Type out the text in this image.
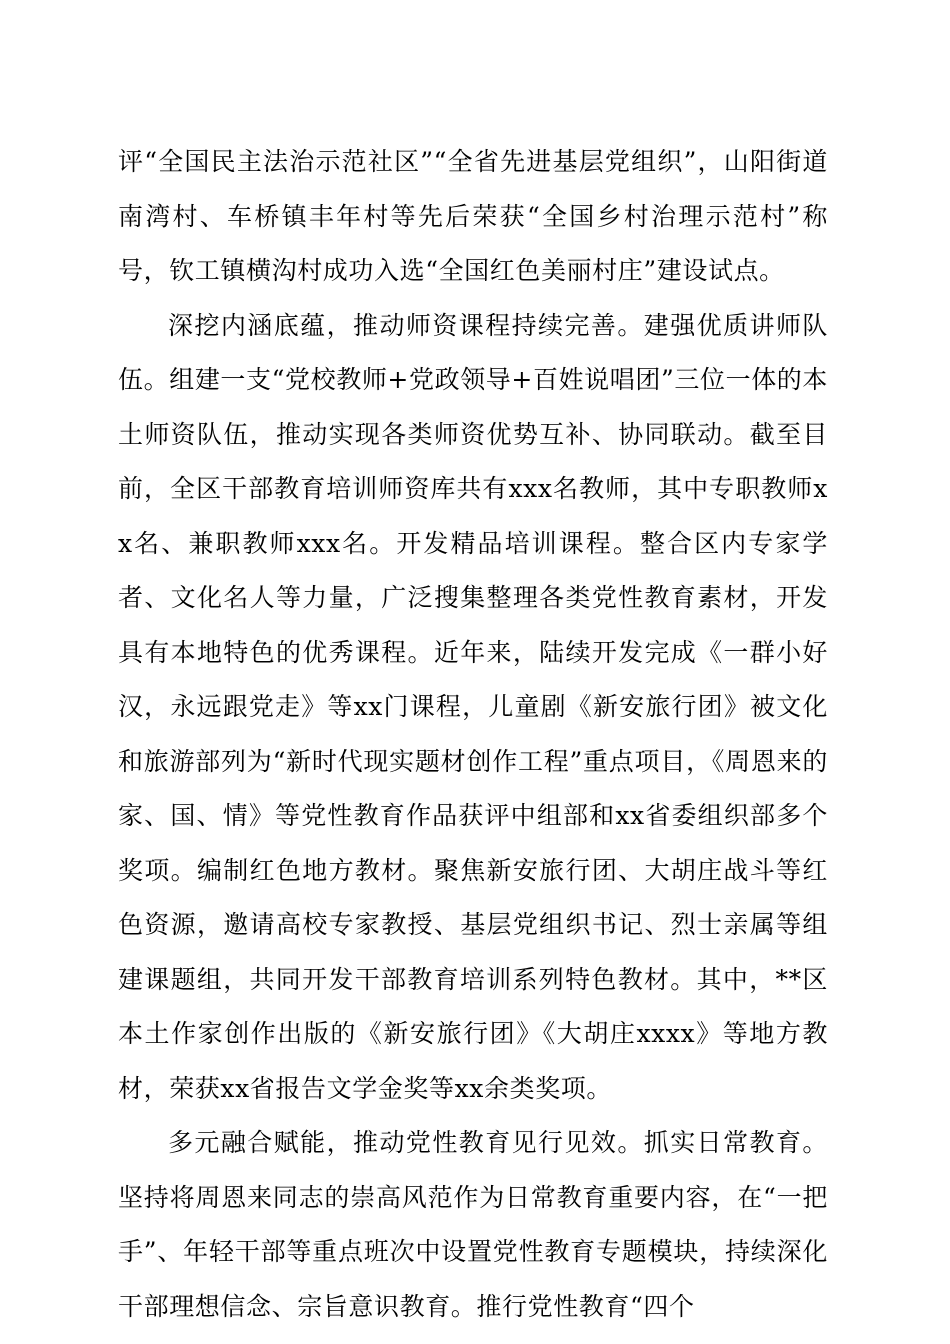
评“全国民主法治示范社区”“全省先进基层党组织”，山阳街道南湾村、车桥镇丰年村等先后荣获“全国乡村治理示范村”称号，钦工镇横沟村成功入选“全国红色美丽村庄”建设试点。

深挖内涵底蕴，推动师资课程持续完善。建强优质讲师队伍。组建一支“党校教师+党政领导+百姓说唱团”三位一体的本土师资队伍，推动实现各类师资优势互补、协同联动。截至目前，全区干部教育培训师资库共有xxx名教师，其中专职教师xx名、兼职教师xxx名。开发精品培训课程。整合区内专家学者、文化名人等力量，广泛搜集整理各类党性教育素材，开发具有本地特色的优秀课程。近年来，陆续开发完成《一群小好汉，永远跟党走》等xx门课程，儿童剧《新安旅行团》被文化和旅游部列为“新时代现实题材创作工程”重点项目，《周恩来的家、国、情》等党性教育作品获评中组部和xx省委组织部多个奖项。编制红色地方教材。聚焦新安旅行团、大胡庄战斗等红色资源，邀请高校专家教授、基层党组织书记、烈士亲属等组建课题组，共同开发干部教育培训系列特色教材。其中，**区本土作家创作出版的《新安旅行团》《大胡庄xxxx》等地方教材，荣获xx省报告文学金奖等xx余类奖项。

多元融合赋能，推动党性教育见行见效。抓实日常教育。坚持将周恩来同志的崇高风范作为日常教育重要内容，在“一把手”、年轻干部等重点班次中设置党性教育专题模块，持续深化干部理想信念、宗旨意识教育。推行党性教育“四个
